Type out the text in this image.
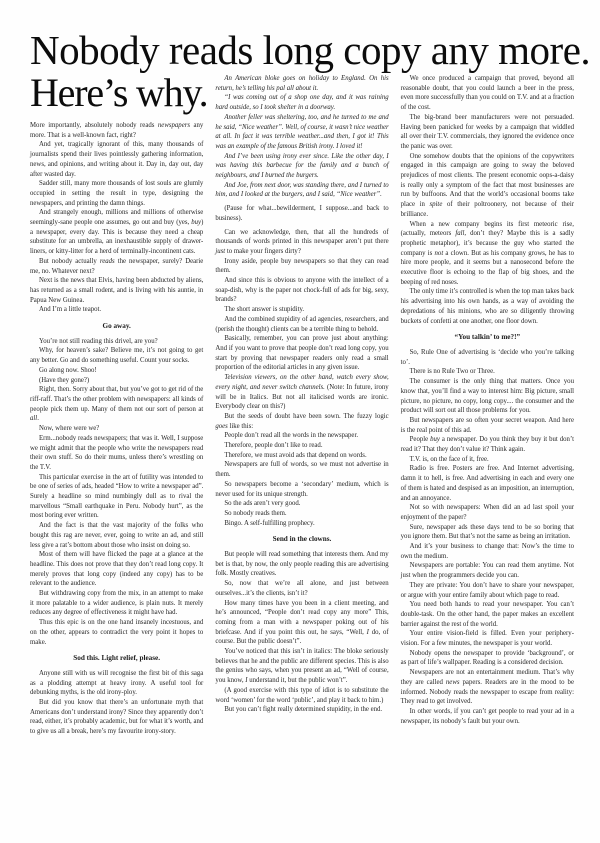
Nobody reads long copy any more.
Here’s why.

More importantly, absolutely nobody reads newspapers any more. That is a well-known fact, right?

And yet, tragically ignorant of this, many thousands of journalists spend their lives pointlessly gathering information, news, and opinions, and writing about it. Day in, day out, day after wasted day.

Sadder still, many more thousands of lost souls are glumly occupied in setting the result in type, designing the newspapers, and printing the damn things.

And strangely enough, millions and millions of otherwise seemingly-sane people one assumes, go out and buy (yes, buy) a newspaper, every day. This is because they need a cheap substitute for an umbrella, an inexhaustible supply of drawer-liners, or kitty-litter for a herd of terminally-incontinent cats.

But nobody actually reads the newspaper, surely? Dearie me, no. Whatever next?

Next is the news that Elvis, having been abducted by aliens, has returned as a small rodent, and is living with his auntie, in Papua New Guinea.

And I’m a little teapot.

Go away.

You’re not still reading this drivel, are you?

Why, for heaven’s sake? Believe me, it’s not going to get any better. Go and do something useful. Count your socks.

Go along now. Shoo!

(Have they gone?)

Right, then. Sorry about that, but you’ve got to get rid of the riff-raff. That’s the other problem with newspapers: all kinds of people pick them up. Many of them not our sort of person at all.

Now, where were we?

Erm...nobody reads newspapers; that was it. Well, I suppose we might admit that the people who write the newspapers read their own stuff. So do their mums, unless there’s wrestling on the T.V.

This particular exercise in the art of futility was intended to be one of series of ads, headed “How to write a newspaper ad”. Surely a headline so mind numbingly dull as to rival the marvellous “Small earthquake in Peru. Nobody hurt”, as the most boring ever written.

And the fact is that the vast majority of the folks who bought this rag are never, ever, going to write an ad, and still less give a rat’s bottom about those who insist on doing so.

Most of them will have flicked the page at a glance at the headline. This does not prove that they don’t read long copy. It merely proves that long copy (indeed any copy) has to be relevant to the audience.

But withdrawing copy from the mix, in an attempt to make it more palatable to a wider audience, is plain nuts. It merely reduces any degree of effectiveness it might have had.

Thus this epic is on the one hand insanely incestuous, and on the other, appears to contradict the very point it hopes to make.

Sod this. Light relief, please.

Anyone still with us will recognise the first bit of this saga as a plodding attempt at heavy irony. A useful tool for debunking myths, is the old irony-ploy.

But did you know that there’s an unfortunate myth that Americans don’t understand irony? Since they apparently don’t read, either, it’s probably academic, but for what it’s worth, and to give us all a break, here’s my favourite irony-story.

An American bloke goes on holiday to England. On his return, he’s telling his pal all about it.

“I was coming out of a shop one day, and it was raining hard outside, so I took shelter in a doorway.

Another feller was sheltering, too, and he turned to me and he said, “Nice weather”. Well, of course, it wasn’t nice weather at all. In fact it was terrible weather...and then, I got it! This was an example of the famous British irony. I loved it!

And I’ve been using irony ever since. Like the other day, I was having this barbecue for the family and a bunch of neighbours, and I burned the burgers.

And Joe, from next door, was standing there, and I turned to him, and I looked at the burgers, and I said, “Nice weather”.

(Pause for what...bewilderment, I suppose...and back to business).

Can we acknowledge, then, that all the hundreds of thousands of words printed in this newspaper aren’t put there just to make your fingers dirty?

Irony aside, people buy newspapers so that they can read them.

And since this is obvious to anyone with the intellect of a soap-dish, why is the paper not chock-full of ads for big, sexy, brands?

The short answer is stupidity.

And the combined stupidity of ad agencies, researchers, and (perish the thought) clients can be a terrible thing to behold.

Basically, remember, you can prove just about anything: And if you want to prove that people don’t read long copy, you start by proving that newspaper readers only read a small proportion of the editorial articles in any given issue.

Television viewers, on the other hand, watch every show, every night, and never switch channels. (Note: In future, irony will be in Italics. But not all italicised words are ironic. Everybody clear on this?)

But the seeds of doubt have been sown. The fuzzy logic goes like this:

People don’t read all the words in the newspaper.

Therefore, people don’t like to read.

Therefore, we must avoid ads that depend on words.

Newspapers are full of words, so we must not advertise in them.

So newspapers become a ‘secondary’ medium, which is never used for its unique strength.

So the ads aren’t very good.

So nobody reads them.

Bingo. A self-fulfilling prophecy.

Send in the clowns.

But people will read something that interests them. And my bet is that, by now, the only people reading this are advertising folk. Mostly creatives.

So, now that we’re all alone, and just between ourselves...it’s the clients, isn’t it?

How many times have you been in a client meeting, and he’s announced, “People don’t read copy any more” This, coming from a man with a newspaper poking out of his briefcase. And if you point this out, he says, “Well, I do, of course. But the public doesn’t”.

You’ve noticed that this isn’t in italics: The bloke seriously believes that he and the public are different species. This is also the genius who says, when you present an ad, “Well of course, you know, I understand it, but the public won’t”.

(A good exercise with this type of idiot is to substitute the word ‘women’ for the word ‘public’, and play it back to him.)

But you can’t fight really determined stupidity, in the end.

We once produced a campaign that proved, beyond all reasonable doubt, that you could launch a beer in the press, even more successfully than you could on T.V. and at a fraction of the cost.

The big-brand beer manufacturers were not persuaded. Having been panicked for weeks by a campaign that widdled all over their T.V. commercials, they ignored the evidence once the panic was over.

One somehow doubts that the opinions of the copywriters engaged in this campaign are going to sway the beloved prejudices of most clients. The present economic oops-a-daisy is really only a symptom of the fact that most businesses are run by buffoons. And that the world’s occasional booms take place in spite of their poltroonery, not because of their brilliance.

When a new company begins its first meteoric rise, (actually, meteors fall, don’t they? Maybe this is a sadly prophetic metaphor), it’s because the guy who started the company is not a clown. But as his company grows, he has to hire more people, and it seems but a nanosecond before the executive floor is echoing to the flap of big shoes, and the beeping of red noses.

The only time it’s controlled is when the top man takes back his advertising into his own hands, as a way of avoiding the depredations of his minions, who are so diligently throwing buckets of confetti at one another, one floor down.

“You talkin’ to me?!”

So, Rule One of advertising is ‘decide who you’re talking to’.

There is no Rule Two or Three.

The consumer is the only thing that matters. Once you know that, you’ll find a way to interest him: Big picture, small picture, no picture, no copy, long copy.... the consumer and the product will sort out all those problems for you.

But newspapers are so often your secret weapon. And here is the real point of this ad.

People buy a newspaper. Do you think they buy it but don’t read it? That they don’t value it? Think again.

T.V. is, on the face of it, free.

Radio is free. Posters are free. And Internet advertising, damn it to hell, is free. And advertising in each and every one of them is hated and despised as an imposition, an interruption, and an annoyance.

Not so with newspapers: When did an ad last spoil your enjoyment of the paper?

Sure, newspaper ads these days tend to be so boring that you ignore them. But that’s not the same as being an irritation.

And it’s your business to change that: Now’s the time to own the medium.

Newspapers are portable: You can read them anytime. Not just when the programmers decide you can.

They are private: You don’t have to share your newspaper, or argue with your entire family about which page to read.

You need both hands to read your newspaper. You can’t double-task. On the other hand, the paper makes an excellent barrier against the rest of the world.

Your entire vision-field is filled. Even your periphery-vision. For a few minutes, the newspaper is your world.

Nobody opens the newspaper to provide ‘background’, or as part of life’s wallpaper. Reading is a considered decision.

Newspapers are not an entertainment medium. That’s why they are called news papers. Readers are in the mood to be informed. Nobody reads the newspaper to escape from reality: They read to get involved.

In other words, if you can’t get people to read your ad in a newspaper, its nobody’s fault but your own.
